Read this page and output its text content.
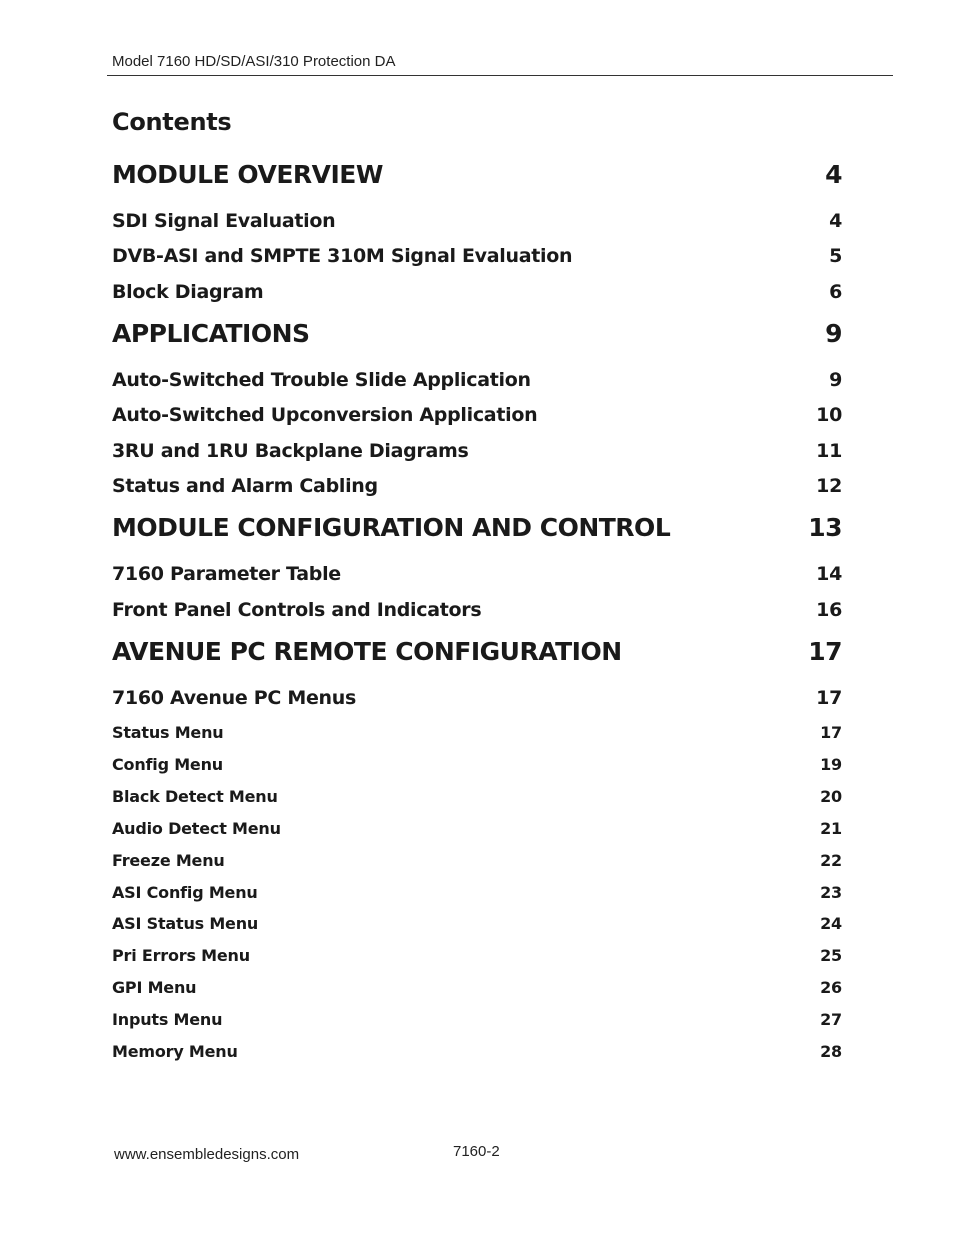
Model 7160 HD/SD/ASI/310 Protection DA
Contents
MODULE OVERVIEW	4
SDI Signal Evaluation	4
DVB-ASI and SMPTE 310M Signal Evaluation	5
Block Diagram	6
APPLICATIONS	9
Auto-Switched Trouble Slide Application	9
Auto-Switched Upconversion Application	10
3RU and 1RU Backplane Diagrams	11
Status and Alarm Cabling	12
MODULE CONFIGURATION AND CONTROL	13
7160 Parameter Table	14
Front Panel Controls and Indicators	16
AVENUE PC REMOTE CONFIGURATION	17
7160 Avenue PC Menus	17
Status Menu	17
Config Menu	19
Black Detect Menu	20
Audio Detect Menu	21
Freeze Menu	22
ASI Config Menu	23
ASI Status Menu	24
Pri Errors Menu	25
GPI Menu	26
Inputs Menu	27
Memory Menu	28
www.ensembledesigns.com	7160-2
